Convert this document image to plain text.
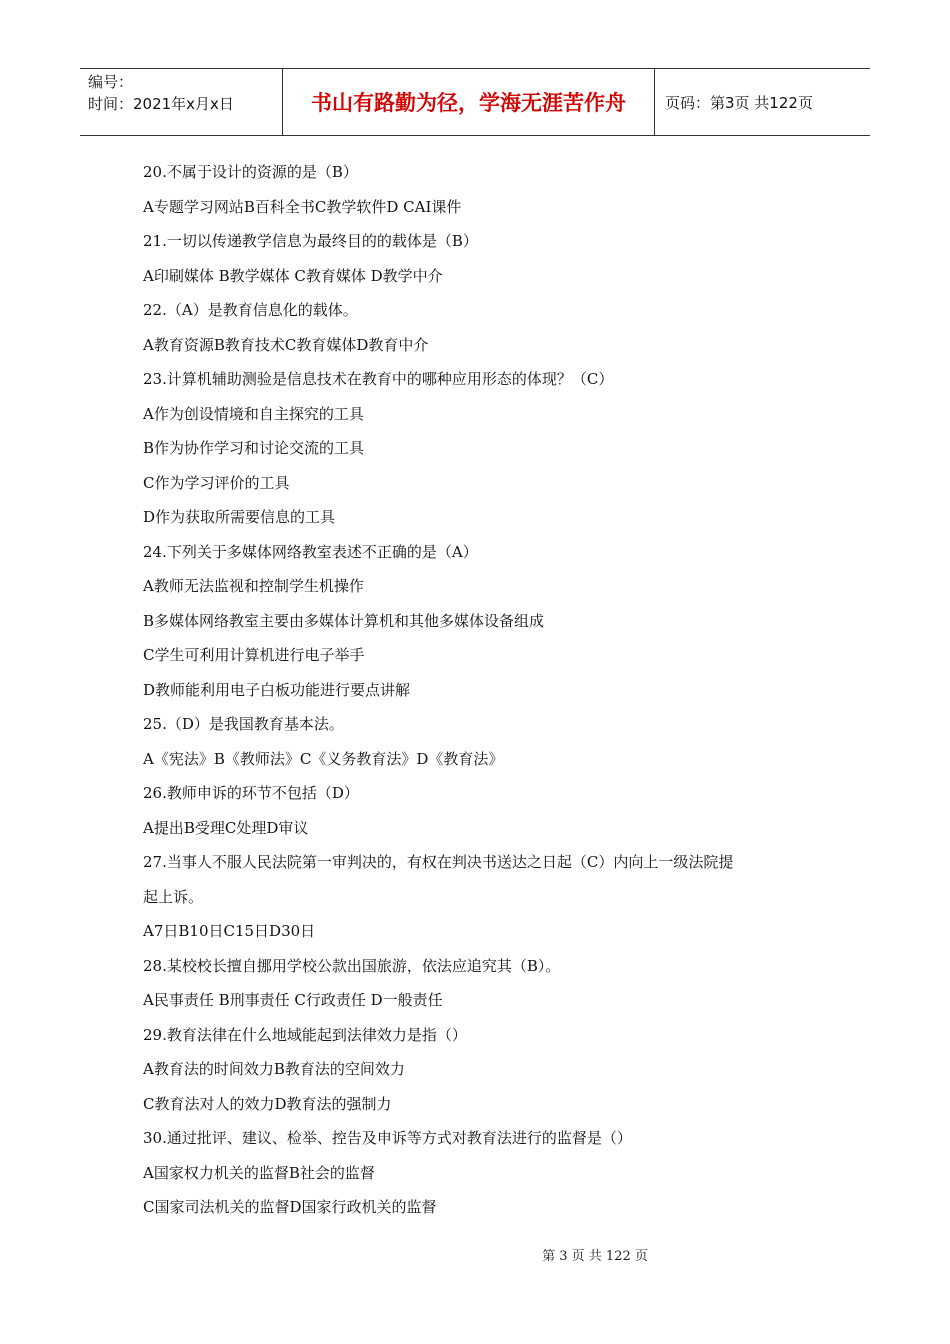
编号：
时间：2021年x月x日	书山有路勤为径，学海无涯苦作舟	页码：第3页 共122页
20.不属于设计的资源的是（B）
A专题学习网站B百科全书C教学软件D CAI课件
21.一切以传递教学信息为最终目的的载体是（B）
A印刷媒体 B教学媒体 C教育媒体 D教学中介
22.（A）是教育信息化的载体。
A教育资源B教育技术C教育媒体D教育中介
23.计算机辅助测验是信息技术在教育中的哪种应用形态的体现？（C）
A作为创设情境和自主探究的工具
B作为协作学习和讨论交流的工具
C作为学习评价的工具
D作为获取所需要信息的工具
24.下列关于多媒体网络教室表述不正确的是（A）
A教师无法监视和控制学生机操作
B多媒体网络教室主要由多媒体计算机和其他多媒体设备组成
C学生可利用计算机进行电子举手
D教师能利用电子白板功能进行要点讲解
25.（D）是我国教育基本法。
A《宪法》B《教师法》C《义务教育法》D《教育法》
26.教师申诉的环节不包括（D）
A提出B受理C处理D审议
27.当事人不服人民法院第一审判决的，有权在判决书送达之日起（C）内向上一级法院提
起上诉。
A7日B10日C15日D30日
28.某校校长擅自挪用学校公款出国旅游，依法应追究其（B）。
A民事责任 B刑事责任 C行政责任 D一般责任
29.教育法律在什么地域能起到法律效力是指（）
A教育法的时间效力B教育法的空间效力
C教育法对人的效力D教育法的强制力
30.通过批评、建议、检举、控告及申诉等方式对教育法进行的监督是（）
A国家权力机关的监督B社会的监督
C国家司法机关的监督D国家行政机关的监督
第 3 页 共 122 页
